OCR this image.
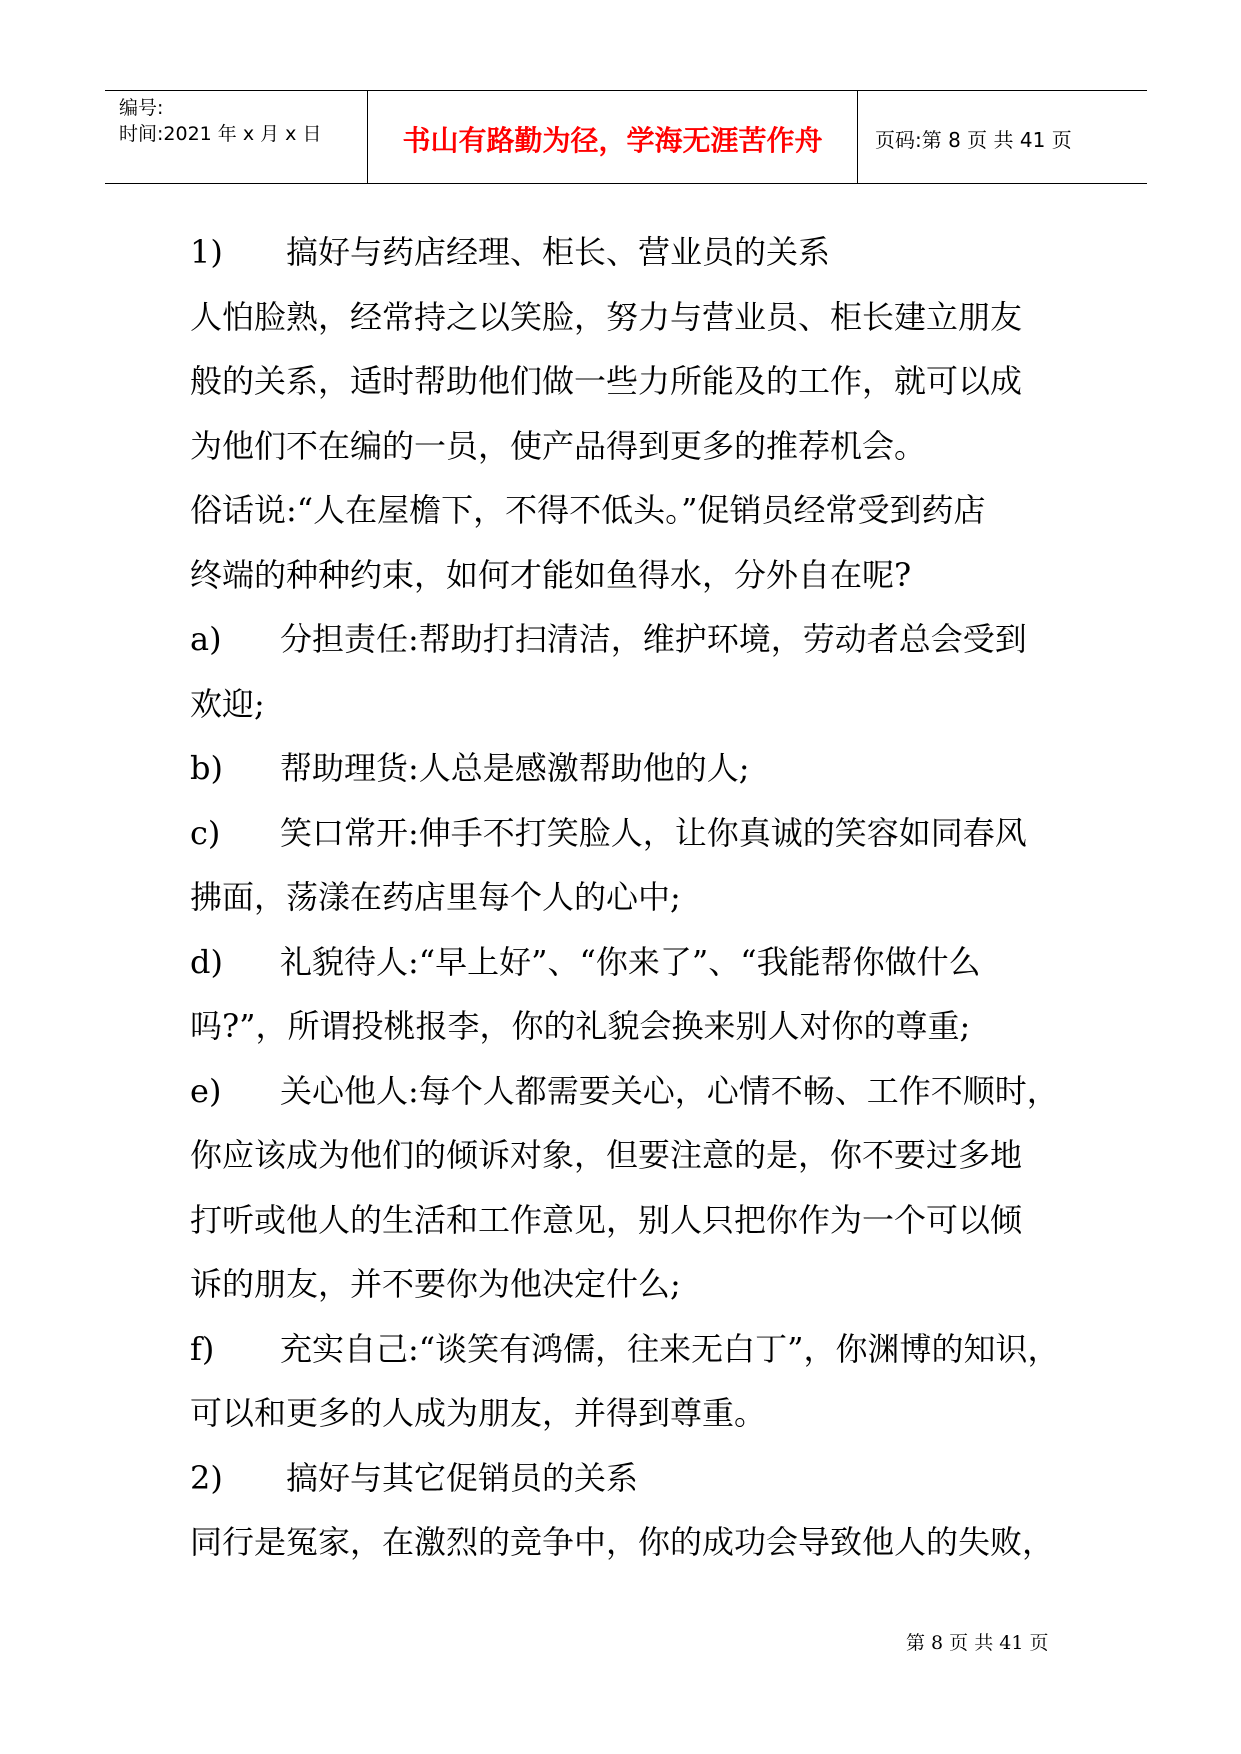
编号:
时间:2021 年 x 月 x 日	书山有路勤为径，学海无涯苦作舟	页码:第 8 页 共 41 页
1) 搞好与药店经理、柜长、营业员的关系
人怕脸熟，经常持之以笑脸，努力与营业员、柜长建立朋友
般的关系，适时帮助他们做一些力所能及的工作，就可以成
为他们不在编的一员，使产品得到更多的推荐机会。
俗话说:“人在屋檐下，不得不低头。”促销员经常受到药店
终端的种种约束，如何才能如鱼得水，分外自在呢?
a) 分担责任:帮助打扫清洁，维护环境，劳动者总会受到
欢迎;
b) 帮助理货:人总是感激帮助他的人;
c) 笑口常开:伸手不打笑脸人，让你真诚的笑容如同春风
拂面，荡漾在药店里每个人的心中;
d) 礼貌待人:“早上好”、“你来了”、“我能帮你做什么
吗?”，所谓投桃报李，你的礼貌会换来别人对你的尊重;
e) 关心他人:每个人都需要关心，心情不畅、工作不顺时，
你应该成为他们的倾诉对象，但要注意的是，你不要过多地
打听或他人的生活和工作意见，别人只把你作为一个可以倾
诉的朋友，并不要你为他决定什么;
f) 充实自己:“谈笑有鸿儒，往来无白丁”，你渊博的知识，
可以和更多的人成为朋友，并得到尊重。
2) 搞好与其它促销员的关系
同行是冤家，在激烈的竞争中，你的成功会导致他人的失败，
第 8 页 共 41 页
